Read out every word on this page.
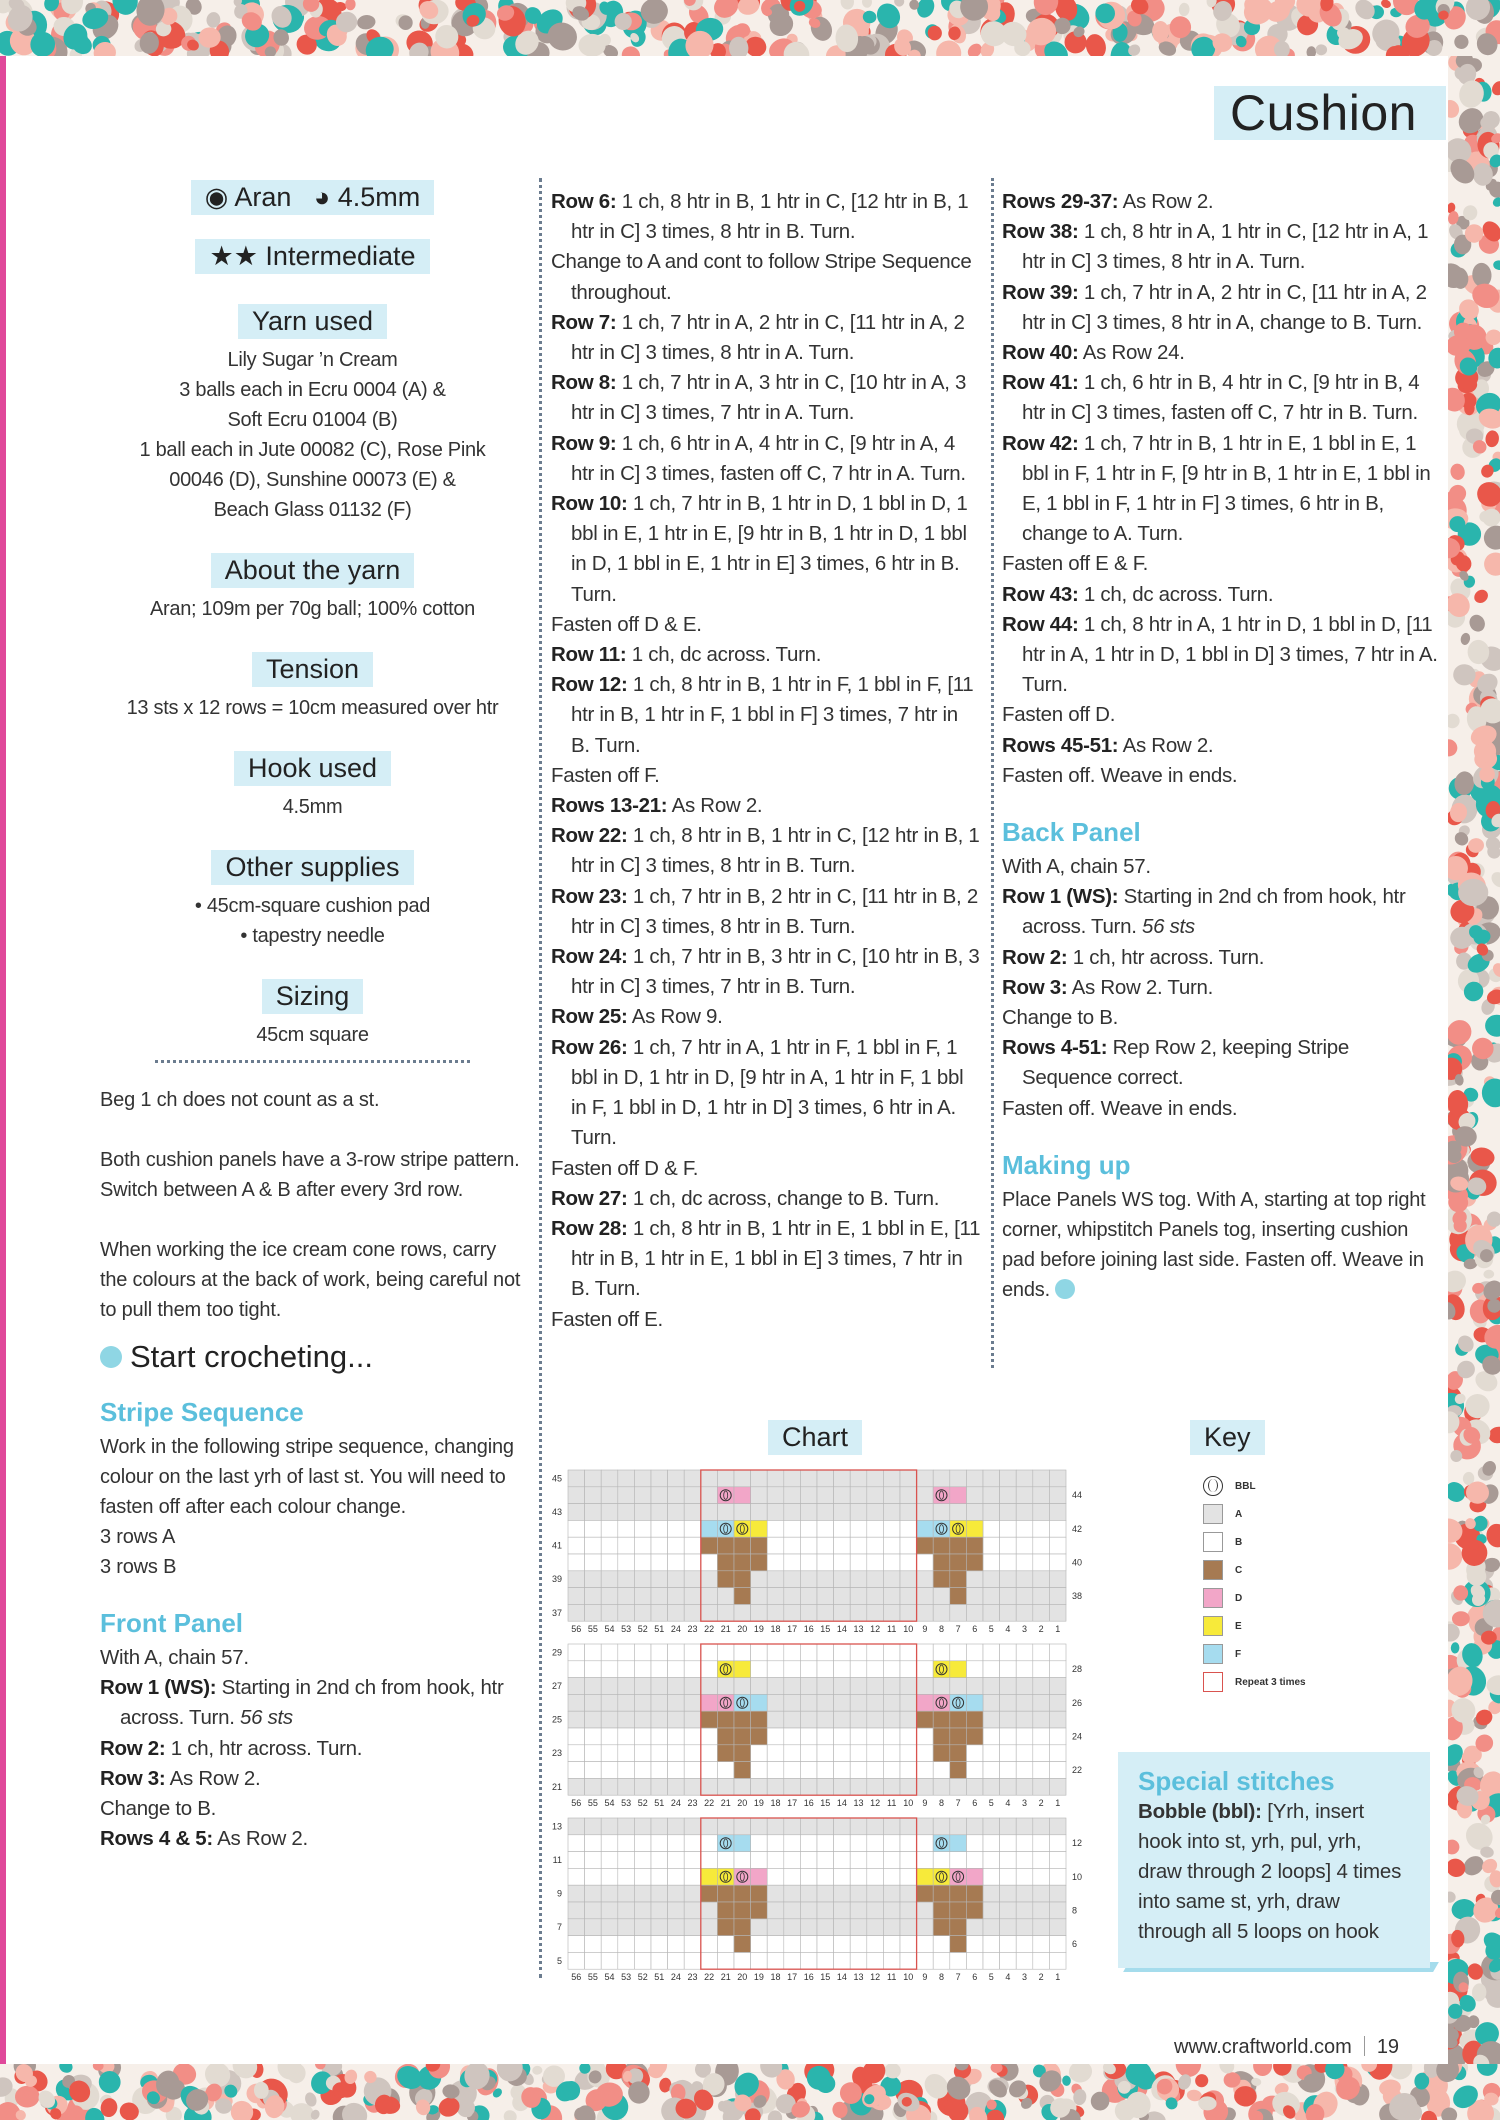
Cushion
◉ Aran ◕ 4.5mm
★★ Intermediate
Yarn used
Lily Sugar ’n Cream
3 balls each in Ecru 0004 (A) &
Soft Ecru 01004 (B)
1 ball each in Jute 00082 (C), Rose Pink
00046 (D), Sunshine 00073 (E) &
Beach Glass 01132 (F)
About the yarn
Aran; 109m per 70g ball; 100% cotton
Tension
13 sts x 12 rows = 10cm measured over htr
Hook used
4.5mm
Other supplies
• 45cm-square cushion pad
• tapestry needle
Sizing
45cm square
Beg 1 ch does not count as a st.
Both cushion panels have a 3-row stripe pattern. Switch between A & B after every 3rd row.
When working the ice cream cone rows, carry the colours at the back of work, being careful not to pull them too tight.
Start crocheting...
Stripe Sequence
Work in the following stripe sequence, changing colour on the last yrh of last st. You will need to fasten off after each colour change.
3 rows A
3 rows B
Front Panel
With A, chain 57.
Row 1 (WS): Starting in 2nd ch from hook, htr across. Turn. 56 sts
Row 2: 1 ch, htr across. Turn.
Row 3: As Row 2.
Change to B.
Rows 4 & 5: As Row 2.
Row 6: 1 ch, 8 htr in B, 1 htr in C, [12 htr in B, 1 htr in C] 3 times, 8 htr in B. Turn.
Change to A and cont to follow Stripe Sequence throughout.
Row 7: 1 ch, 7 htr in A, 2 htr in C, [11 htr in A, 2 htr in C] 3 times, 8 htr in A. Turn.
Row 8: 1 ch, 7 htr in A, 3 htr in C, [10 htr in A, 3 htr in C] 3 times, 7 htr in A. Turn.
Row 9: 1 ch, 6 htr in A, 4 htr in C, [9 htr in A, 4 htr in C] 3 times, fasten off C, 7 htr in A. Turn.
Row 10: 1 ch, 7 htr in B, 1 htr in D, 1 bbl in D, 1 bbl in E, 1 htr in E, [9 htr in B, 1 htr in D, 1 bbl in D, 1 bbl in E, 1 htr in E] 3 times, 6 htr in B. Turn.
Fasten off D & E.
Row 11: 1 ch, dc across. Turn.
Row 12: 1 ch, 8 htr in B, 1 htr in F, 1 bbl in F, [11 htr in B, 1 htr in F, 1 bbl in F] 3 times, 7 htr in B. Turn.
Fasten off F.
Rows 13-21: As Row 2.
Row 22: 1 ch, 8 htr in B, 1 htr in C, [12 htr in B, 1 htr in C] 3 times, 8 htr in B. Turn.
Row 23: 1 ch, 7 htr in B, 2 htr in C, [11 htr in B, 2 htr in C] 3 times, 8 htr in B. Turn.
Row 24: 1 ch, 7 htr in B, 3 htr in C, [10 htr in B, 3 htr in C] 3 times, 7 htr in B. Turn.
Row 25: As Row 9.
Row 26: 1 ch, 7 htr in A, 1 htr in F, 1 bbl in F, 1 bbl in D, 1 htr in D, [9 htr in A, 1 htr in F, 1 bbl in F, 1 bbl in D, 1 htr in D] 3 times, 6 htr in A. Turn.
Fasten off D & F.
Row 27: 1 ch, dc across, change to B. Turn.
Row 28: 1 ch, 8 htr in B, 1 htr in E, 1 bbl in E, [11 htr in B, 1 htr in E, 1 bbl in E] 3 times, 7 htr in B. Turn.
Fasten off E.
Rows 29-37: As Row 2.
Row 38: 1 ch, 8 htr in A, 1 htr in C, [12 htr in A, 1 htr in C] 3 times, 8 htr in A. Turn.
Row 39: 1 ch, 7 htr in A, 2 htr in C, [11 htr in A, 2 htr in C] 3 times, 8 htr in A, change to B. Turn.
Row 40: As Row 24.
Row 41: 1 ch, 6 htr in B, 4 htr in C, [9 htr in B, 4 htr in C] 3 times, fasten off C, 7 htr in B. Turn.
Row 42: 1 ch, 7 htr in B, 1 htr in E, 1 bbl in E, 1 bbl in F, 1 htr in F, [9 htr in B, 1 htr in E, 1 bbl in E, 1 bbl in F, 1 htr in F] 3 times, 6 htr in B, change to A. Turn.
Fasten off E & F.
Row 43: 1 ch, dc across. Turn.
Row 44: 1 ch, 8 htr in A, 1 htr in D, 1 bbl in D, [11 htr in A, 1 htr in D, 1 bbl in D] 3 times, 7 htr in A. Turn.
Fasten off D.
Rows 45-51: As Row 2.
Fasten off. Weave in ends.
Back Panel
With A, chain 57.
Row 1 (WS): Starting in 2nd ch from hook, htr across. Turn. 56 sts
Row 2: 1 ch, htr across. Turn.
Row 3: As Row 2. Turn.
Change to B.
Rows 4-51: Rep Row 2, keeping Stripe Sequence correct.
Fasten off. Weave in ends.
Making up
Place Panels WS tog. With A, starting at top right corner, whipstitch Panels tog, inserting cushion pad before joining last side. Fasten off. Weave in ends.
Chart
45
43
41
39
37
44
42
40
38
56 55 54 53 52 51 24 23 22 21 20 19 18 17 16 15 14 13 12 11 10 9 8 7 6 5 4 3 2 1
29
27
25
23
21
28
26
24
22
56 55 54 53 52 51 24 23 22 21 20 19 18 17 16 15 14 13 12 11 10 9 8 7 6 5 4 3 2 1
13
11
9
7
5
12
10
8
6
56 55 54 53 52 51 24 23 22 21 20 19 18 17 16 15 14 13 12 11 10 9 8 7 6 5 4 3 2 1
Key
BBL
A
B
C
D
E
F
Repeat 3 times
Special stitches
Bobble (bbl): [Yrh, insert hook into st, yrh, pul, yrh, draw through 2 loops] 4 times into same st, yrh, draw through all 5 loops on hook
www.craftworld.com 19
